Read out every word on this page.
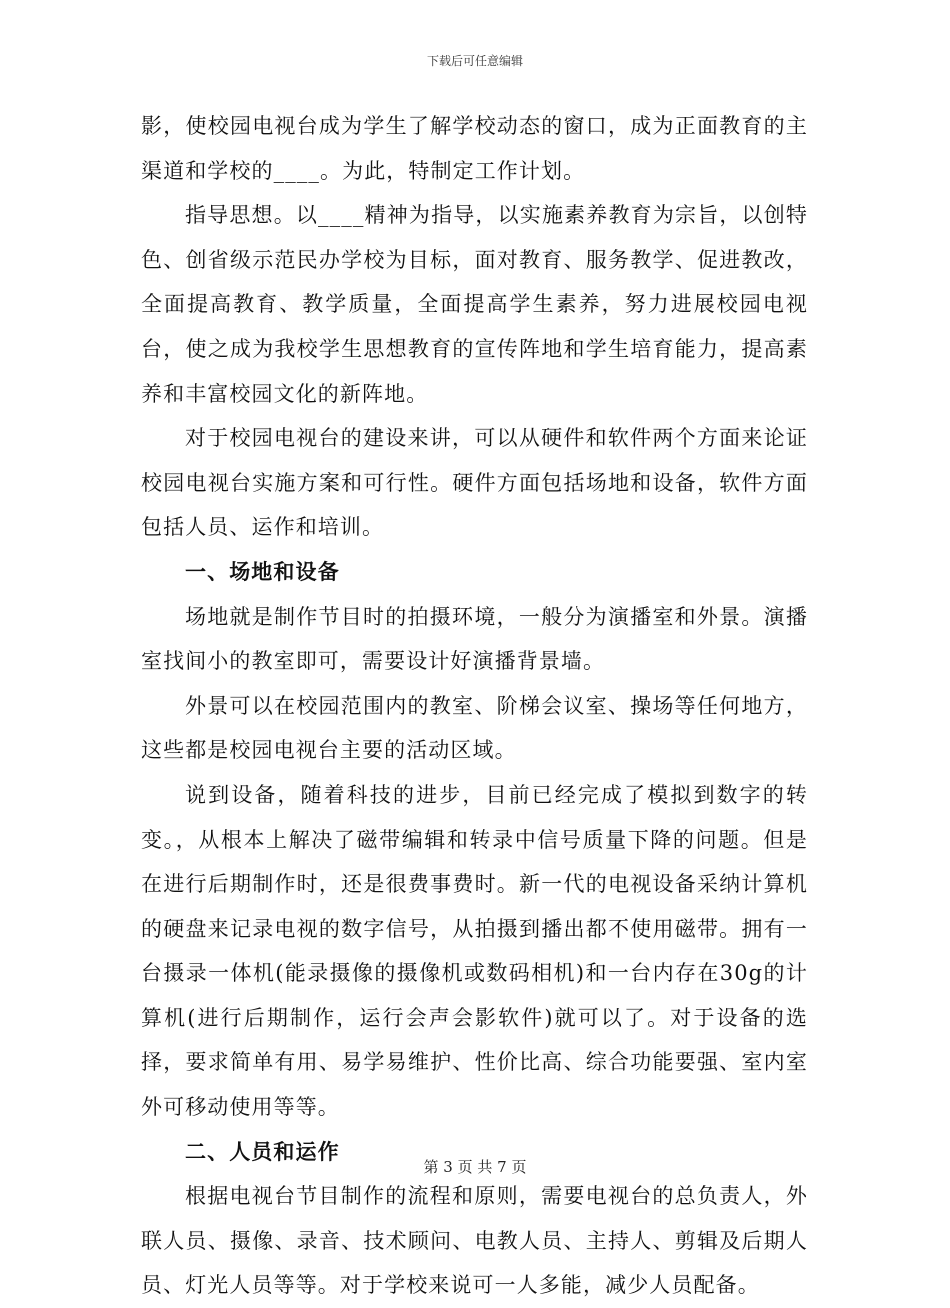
下载后可任意编辑

影，使校园电视台成为学生了解学校动态的窗口，成为正面教育的主渠道和学校的____。为此，特制定工作计划。

指导思想。以____精神为指导，以实施素养教育为宗旨，以创特色、创省级示范民办学校为目标，面对教育、服务教学、促进教改，全面提高教育、教学质量，全面提高学生素养，努力进展校园电视台，使之成为我校学生思想教育的宣传阵地和学生培育能力，提高素养和丰富校园文化的新阵地。

对于校园电视台的建设来讲，可以从硬件和软件两个方面来论证校园电视台实施方案和可行性。硬件方面包括场地和设备，软件方面包括人员、运作和培训。

一、场地和设备

场地就是制作节目时的拍摄环境，一般分为演播室和外景。演播室找间小的教室即可，需要设计好演播背景墙。

外景可以在校园范围内的教室、阶梯会议室、操场等任何地方，这些都是校园电视台主要的活动区域。

说到设备，随着科技的进步，目前已经完成了模拟到数字的转变。，从根本上解决了磁带编辑和转录中信号质量下降的问题。但是在进行后期制作时，还是很费事费时。新一代的电视设备采纳计算机的硬盘来记录电视的数字信号，从拍摄到播出都不使用磁带。拥有一台摄录一体机(能录摄像的摄像机或数码相机)和一台内存在30g的计算机(进行后期制作，运行会声会影软件)就可以了。对于设备的选择，要求简单有用、易学易维护、性价比高、综合功能要强、室内室外可移动使用等等。

二、人员和运作

根据电视台节目制作的流程和原则，需要电视台的总负责人，外联人员、摄像、录音、技术顾问、电教人员、主持人、剪辑及后期人员、灯光人员等等。对于学校来说可一人多能，减少人员配备。

第 3 页 共 7 页
